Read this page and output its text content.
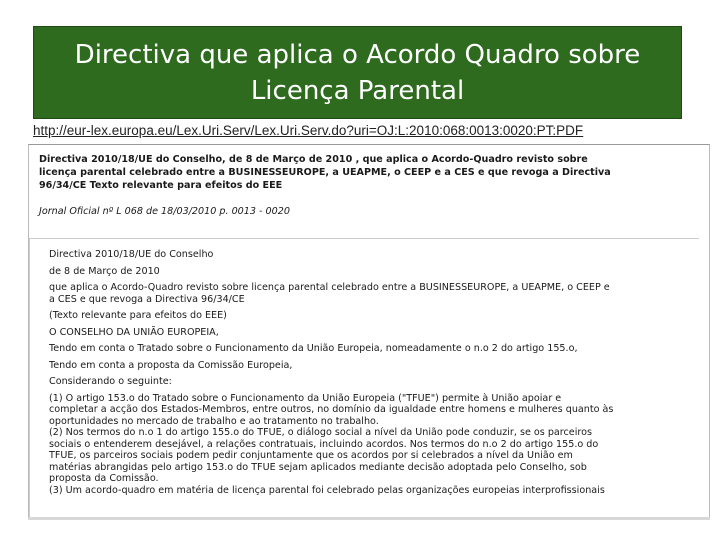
Directiva que aplica o Acordo Quadro sobre
Licença Parental
http://eur-lex.europa.eu/Lex.Uri.Serv/Lex.Uri.Serv.do?uri=OJ:L:2010:068:0013:0020:PT:PDF
Directiva 2010/18/UE do Conselho, de 8 de Março de 2010 , que aplica o Acordo-Quadro revisto sobre
licença parental celebrado entre a BUSINESSEUROPE, a UEAPME, o CEEP e a CES e que revoga a Directiva
96/34/CE Texto relevante para efeitos do EEE
Jornal Oficial nº L 068 de 18/03/2010 p. 0013 - 0020
Directiva 2010/18/UE do Conselho
de 8 de Março de 2010
que aplica o Acordo-Quadro revisto sobre licença parental celebrado entre a BUSINESSEUROPE, a UEAPME, o CEEP e
a CES e que revoga a Directiva 96/34/CE
(Texto relevante para efeitos do EEE)
O CONSELHO DA UNIÃO EUROPEIA,
Tendo em conta o Tratado sobre o Funcionamento da União Europeia, nomeadamente o n.o 2 do artigo 155.o,
Tendo em conta a proposta da Comissão Europeia,
Considerando o seguinte:
(1) O artigo 153.o do Tratado sobre o Funcionamento da União Europeia ("TFUE") permite à União apoiar e
completar a acção dos Estados-Membros, entre outros, no domínio da igualdade entre homens e mulheres quanto às
oportunidades no mercado de trabalho e ao tratamento no trabalho.
(2) Nos termos do n.o 1 do artigo 155.o do TFUE, o diálogo social a nível da União pode conduzir, se os parceiros
sociais o entenderem desejável, a relações contratuais, incluindo acordos. Nos termos do n.o 2 do artigo 155.o do
TFUE, os parceiros sociais podem pedir conjuntamente que os acordos por si celebrados a nível da União em
matérias abrangidas pelo artigo 153.o do TFUE sejam aplicados mediante decisão adoptada pelo Conselho, sob
proposta da Comissão.
(3) Um acordo-quadro em matéria de licença parental foi celebrado pelas organizações europeias interprofissionais
